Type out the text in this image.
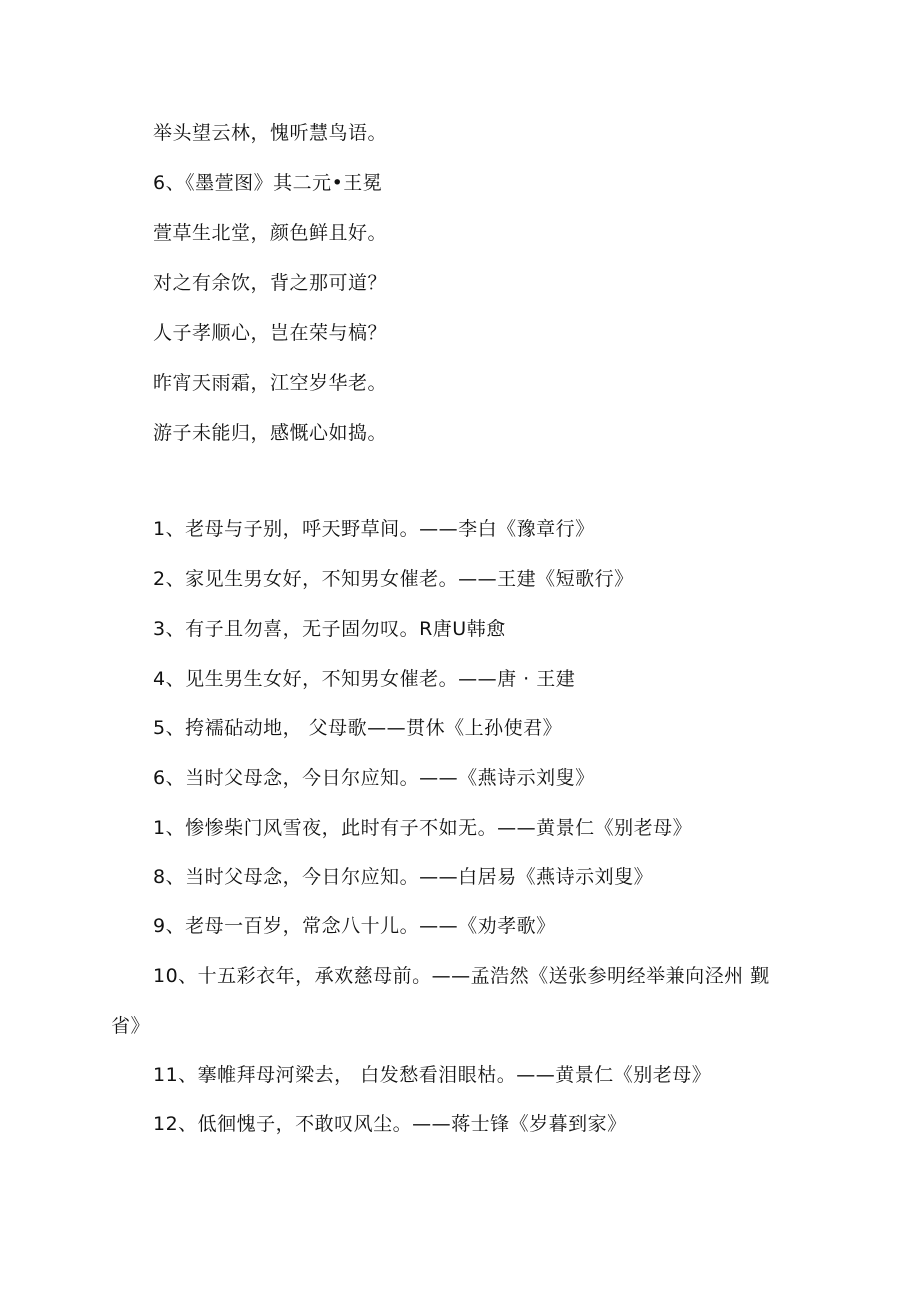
举头望云林，愧听慧鸟语。
6、《墨萱图》其二元•王冕
萱草生北堂，颜色鲜且好。
对之有余饮，背之那可道？
人子孝顺心，岂在荣与槁？
昨宵天雨霜，江空岁华老。
游子未能归，感慨心如捣。
1、老母与子别，呼天野草间。——李白《豫章行》
2、家见生男女好，不知男女催老。——王建《短歌行》
3、有子且勿喜，无子固勿叹。R唐U韩愈
4、见生男生女好，不知男女催老。——唐 · 王建
5、挎襦砧动地， 父母歌——贯休《上孙使君》
6、当时父母念，今日尔应知。——《燕诗示刘叟》
1、惨惨柴门风雪夜，此时有子不如无。——黄景仁《别老母》
8、当时父母念，今日尔应知。——白居易《燕诗示刘叟》
9、老母一百岁，常念八十儿。——《劝孝歌》
10、十五彩衣年，承欢慈母前。——孟浩然《送张参明经举兼向泾州 觐
省》
11、搴帷拜母河梁去， 白发愁看泪眼枯。——黄景仁《别老母》
12、低徊愧子，不敢叹风尘。——蒋士锋《岁暮到家》
